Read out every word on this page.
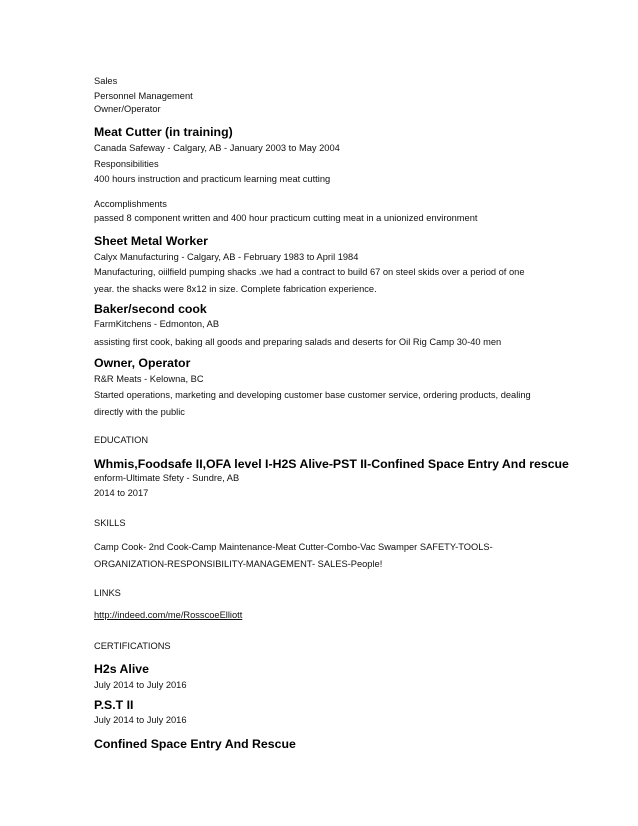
Sales
Personnel Management
Owner/Operator
Meat Cutter (in training)
Canada Safeway - Calgary, AB - January 2003 to May 2004
Responsibilities
400 hours instruction and practicum learning meat cutting
Accomplishments
passed 8 component written and 400 hour practicum cutting meat in a unionized environment
Sheet Metal Worker
Calyx Manufacturing - Calgary, AB - February 1983 to April 1984
Manufacturing, oiilfield pumping shacks .we had a contract to build 67 on steel skids over a period of one year. the shacks were 8x12 in size. Complete fabrication experience.
Baker/second cook
FarmKitchens - Edmonton, AB
assisting first cook, baking all goods and preparing salads and deserts for Oil Rig Camp 30-40 men
Owner, Operator
R&R Meats - Kelowna, BC
Started operations, marketing and developing customer base customer service, ordering products, dealing directly with the public
EDUCATION
Whmis,Foodsafe II,OFA level I-H2S Alive-PST II-Confined Space Entry And rescue
enform-Ultimate Sfety - Sundre, AB
2014 to 2017
SKILLS
Camp Cook- 2nd Cook-Camp Maintenance-Meat Cutter-Combo-Vac Swamper SAFETY-TOOLS-ORGANIZATION-RESPONSIBILITY-MANAGEMENT- SALES-People!
LINKS
http://indeed.com/me/RosscoeElliott
CERTIFICATIONS
H2s Alive
July 2014 to July 2016
P.S.T II
July 2014 to July 2016
Confined Space Entry And Rescue
